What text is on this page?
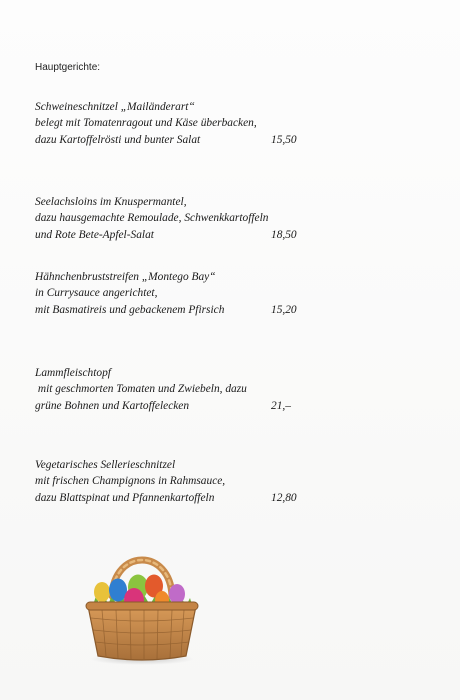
Hauptgerichte:
Schweineschnitzel „Mailänderart“
belegt mit Tomatenragout und Käse überbacken,
dazu Kartoffelrösti und bunter Salat	15,50
Seelachsloins im Knuspermantel,
dazu hausgemachte Remoulade, Schwenkkartoffeln
und Rote Bete-Apfel-Salat	18,50
Hähnchenbruststreifen „Montego Bay“
in Currysauce angerichtet,
mit Basmatireis und gebackenem Pfirsich	15,20
Lammfleischtopf
mit geschmorten Tomaten und Zwiebeln, dazu
grüne Bohnen und Kartoffelecken	21,–
Vegetarisches Sellerieschnitzel
mit frischen Champignons in Rahmsauce,
dazu Blattspinat und Pfannenkartoffeln	12,80
